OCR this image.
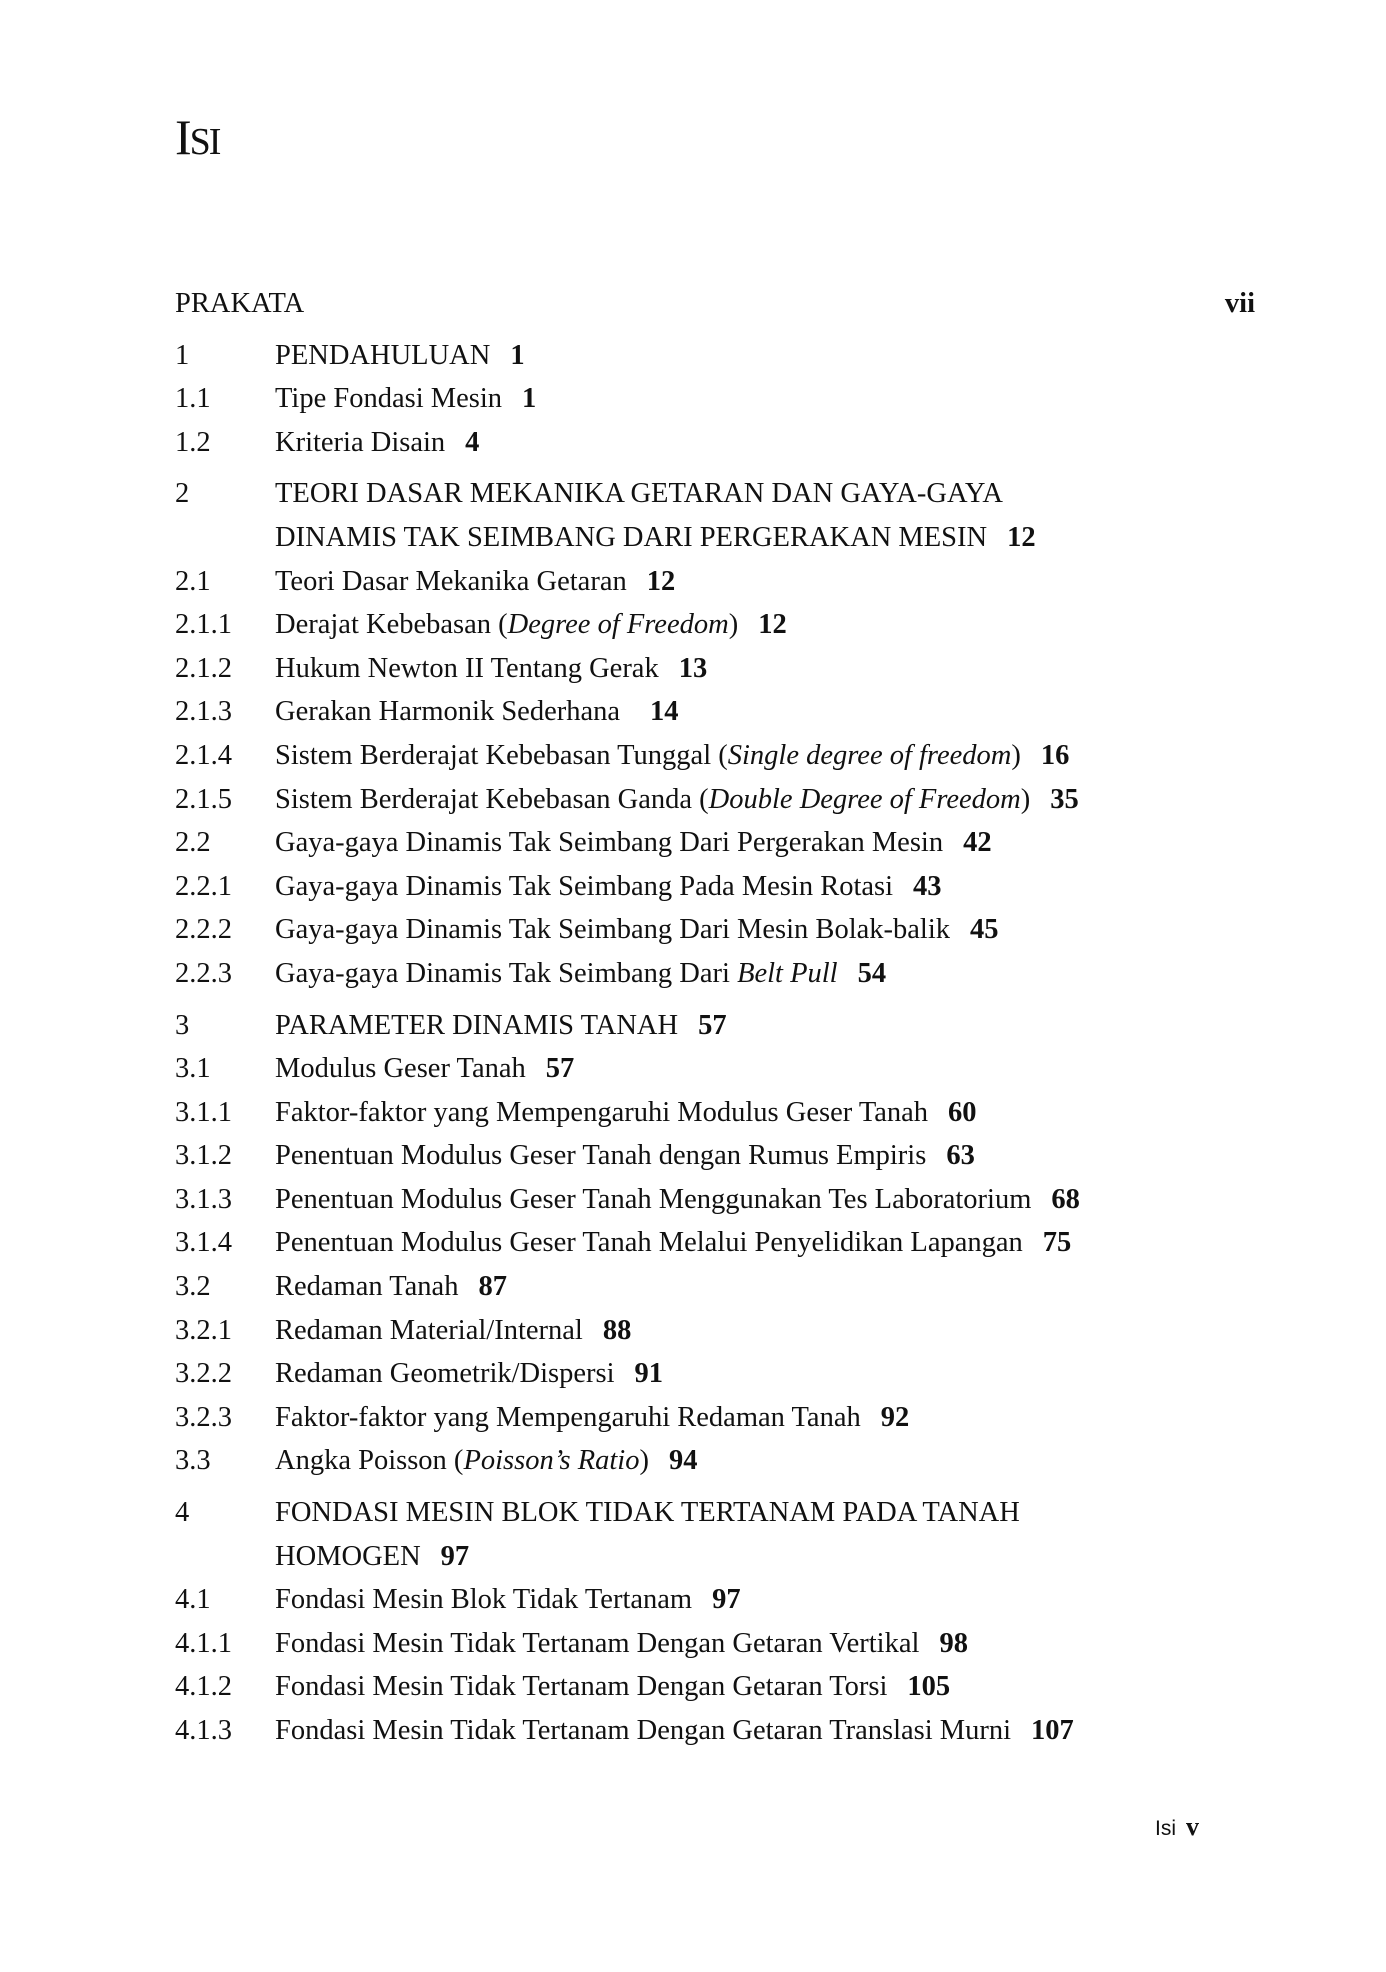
ISI
PRAKATA	vii
1	PENDAHULUAN 1
1.1	Tipe Fondasi Mesin 1
1.2	Kriteria Disain 4
2	TEORI DASAR MEKANIKA GETARAN DAN GAYA-GAYA
DINAMIS TAK SEIMBANG DARI PERGERAKAN MESIN 12
2.1	Teori Dasar Mekanika Getaran 12
2.1.1	Derajat Kebebasan (Degree of Freedom) 12
2.1.2	Hukum Newton II Tentang Gerak 13
2.1.3	Gerakan Harmonik Sederhana 14
2.1.4	Sistem Berderajat Kebebasan Tunggal (Single degree of freedom) 16
2.1.5	Sistem Berderajat Kebebasan Ganda (Double Degree of Freedom) 35
2.2	Gaya-gaya Dinamis Tak Seimbang Dari Pergerakan Mesin 42
2.2.1	Gaya-gaya Dinamis Tak Seimbang Pada Mesin Rotasi 43
2.2.2	Gaya-gaya Dinamis Tak Seimbang Dari Mesin Bolak-balik 45
2.2.3	Gaya-gaya Dinamis Tak Seimbang Dari Belt Pull 54
3	PARAMETER DINAMIS TANAH 57
3.1	Modulus Geser Tanah 57
3.1.1	Faktor-faktor yang Mempengaruhi Modulus Geser Tanah 60
3.1.2	Penentuan Modulus Geser Tanah dengan Rumus Empiris 63
3.1.3	Penentuan Modulus Geser Tanah Menggunakan Tes Laboratorium 68
3.1.4	Penentuan Modulus Geser Tanah Melalui Penyelidikan Lapangan 75
3.2	Redaman Tanah 87
3.2.1	Redaman Material/Internal 88
3.2.2	Redaman Geometrik/Dispersi 91
3.2.3	Faktor-faktor yang Mempengaruhi Redaman Tanah 92
3.3	Angka Poisson (Poisson’s Ratio) 94
4	FONDASI MESIN BLOK TIDAK TERTANAM PADA TANAH
HOMOGEN 97
4.1	Fondasi Mesin Blok Tidak Tertanam 97
4.1.1	Fondasi Mesin Tidak Tertanam Dengan Getaran Vertikal 98
4.1.2	Fondasi Mesin Tidak Tertanam Dengan Getaran Torsi 105
4.1.3	Fondasi Mesin Tidak Tertanam Dengan Getaran Translasi Murni 107
Isi v
